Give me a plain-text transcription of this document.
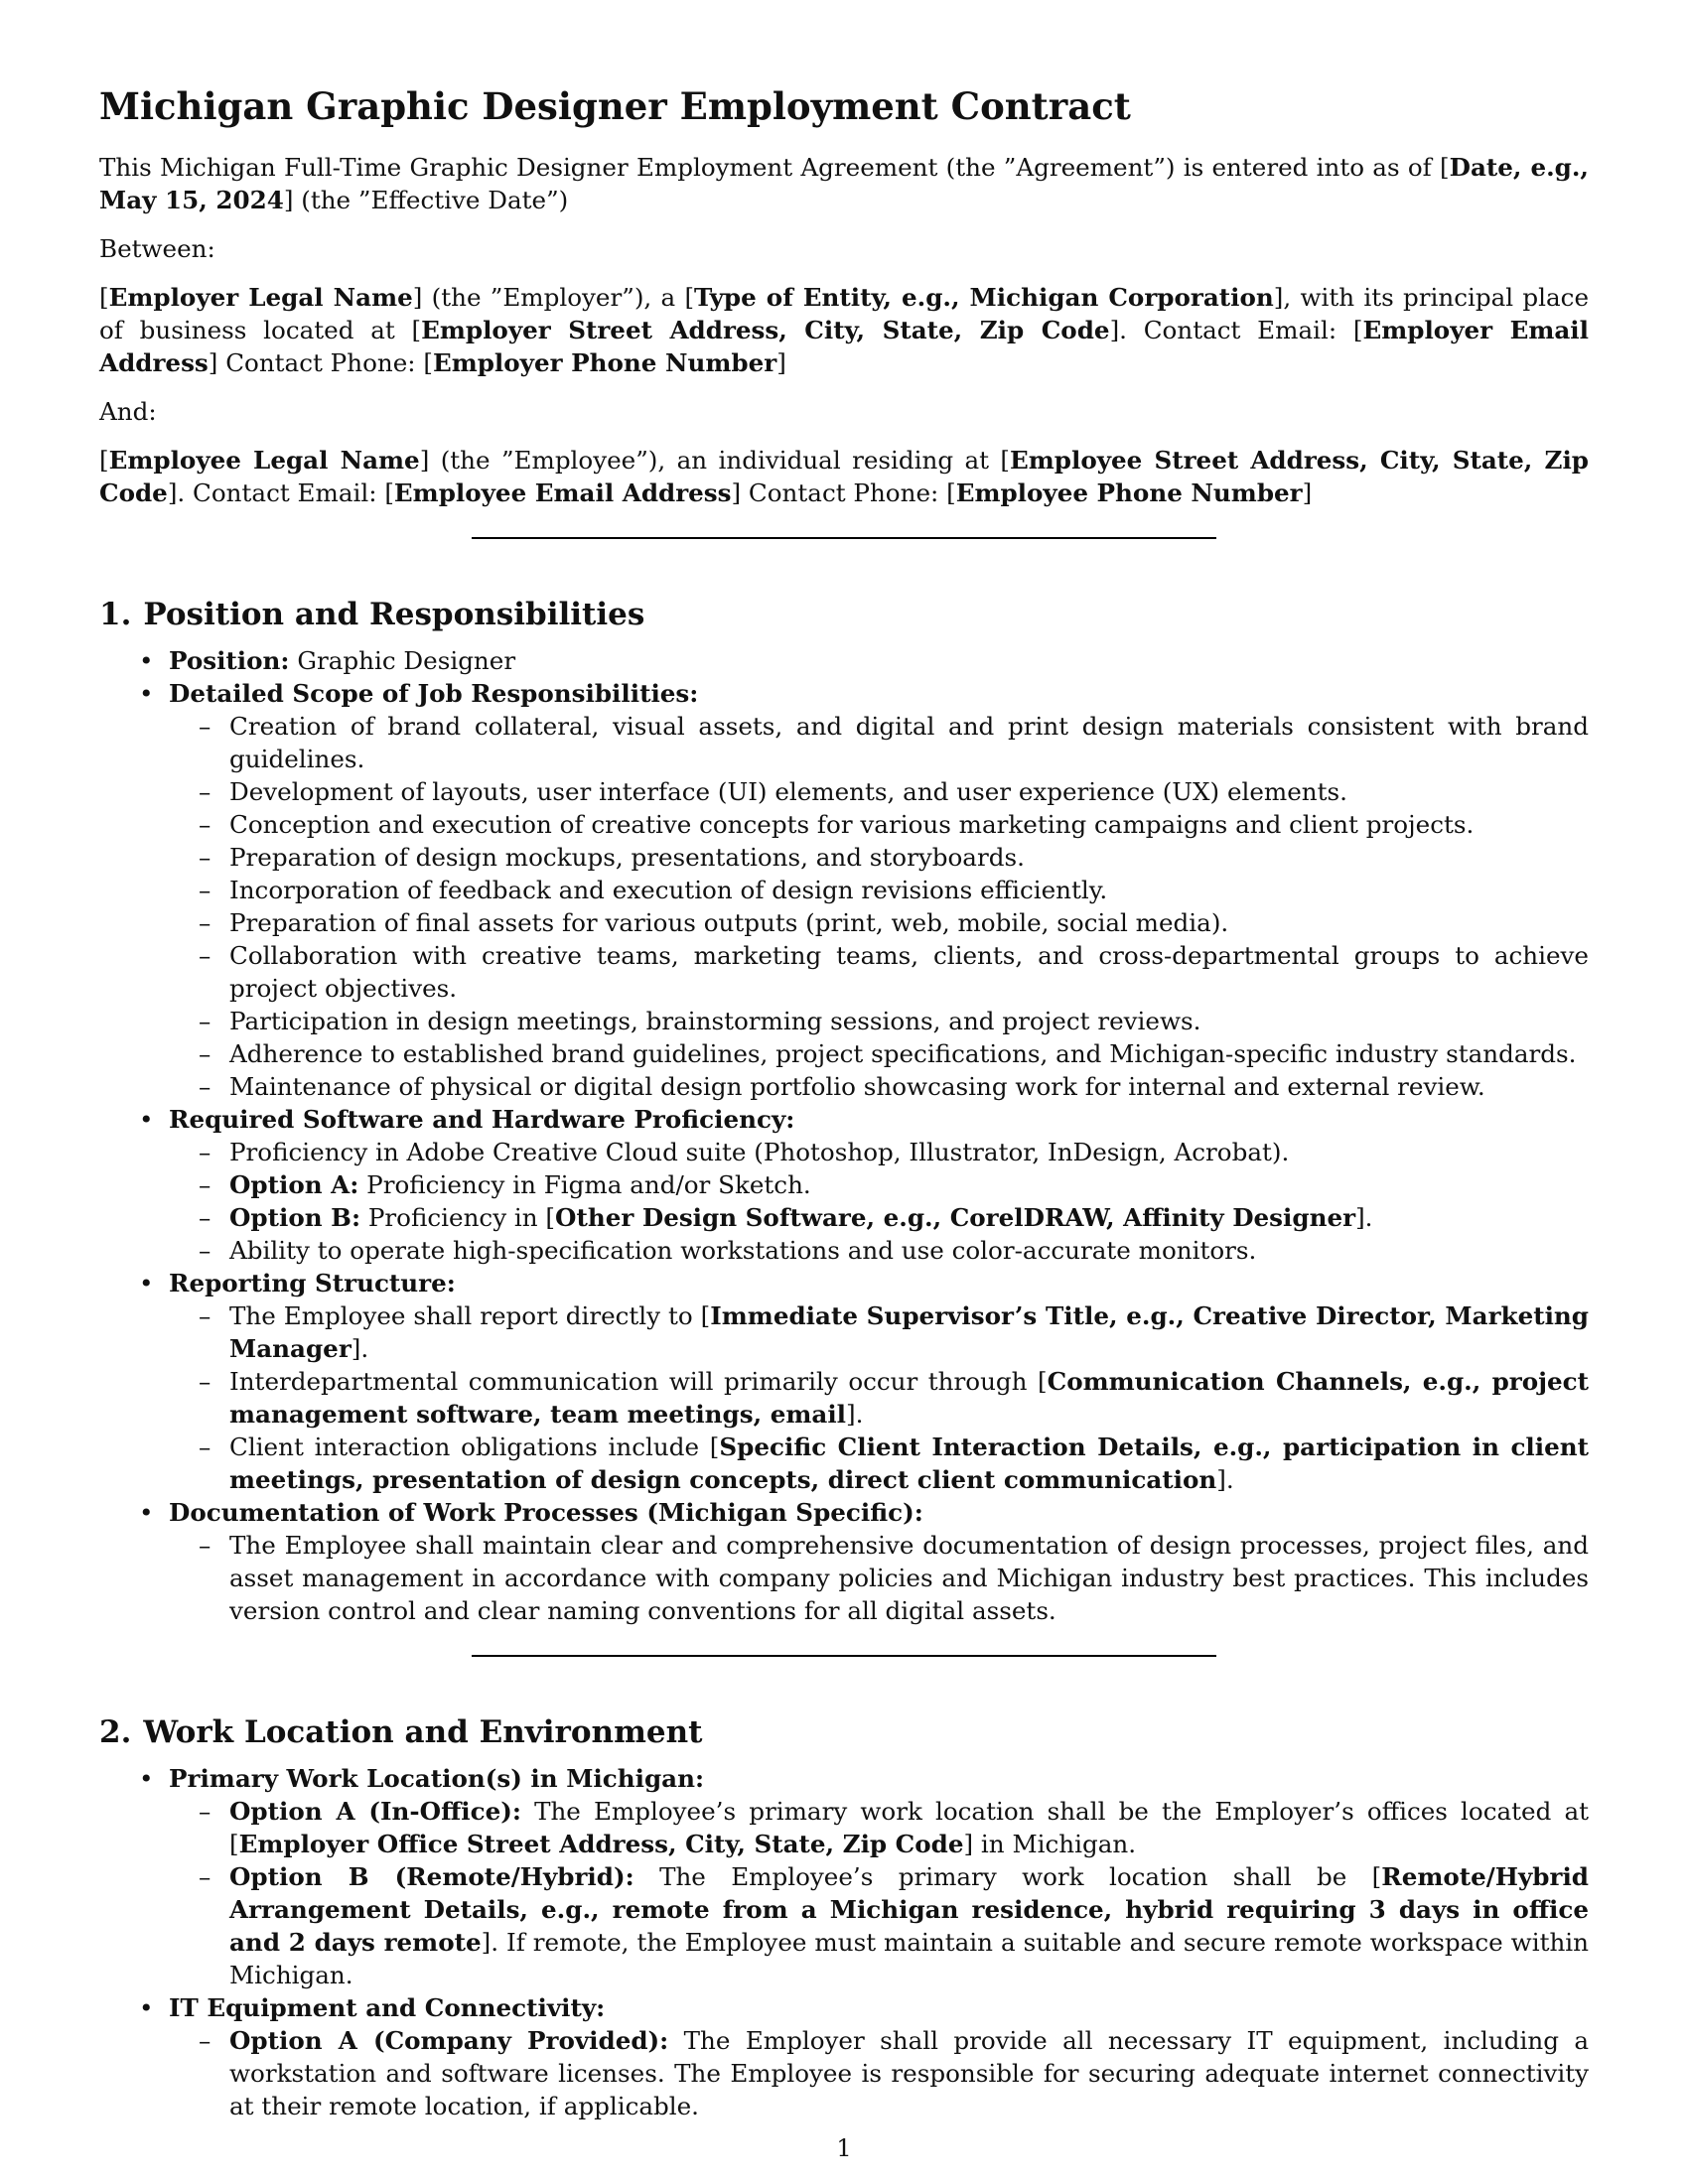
Michigan Graphic Designer Employment Contract

This Michigan Full-Time Graphic Designer Employment Agreement (the ”Agreement”) is entered into as of [Date, e.g., May 15, 2024] (the ”Effective Date”)

Between:

[Employer Legal Name] (the ”Employer”), a [Type of Entity, e.g., Michigan Corporation], with its principal place of business located at [Employer Street Address, City, State, Zip Code]. Contact Email: [Employer Email Address] Contact Phone: [Employer Phone Number]

And:

[Employee Legal Name] (the ”Employee”), an individual residing at [Employee Street Address, City, State, Zip Code]. Contact Email: [Employee Email Address] Contact Phone: [Employee Phone Number]

1. Position and Responsibilities
• Position: Graphic Designer
• Detailed Scope of Job Responsibilities:
– Creation of brand collateral, visual assets, and digital and print design materials consistent with brand guidelines.
– Development of layouts, user interface (UI) elements, and user experience (UX) elements.
– Conception and execution of creative concepts for various marketing campaigns and client projects.
– Preparation of design mockups, presentations, and storyboards.
– Incorporation of feedback and execution of design revisions efficiently.
– Preparation of final assets for various outputs (print, web, mobile, social media).
– Collaboration with creative teams, marketing teams, clients, and cross-departmental groups to achieve project objectives.
– Participation in design meetings, brainstorming sessions, and project reviews.
– Adherence to established brand guidelines, project specifications, and Michigan-specific industry standards.
– Maintenance of physical or digital design portfolio showcasing work for internal and external review.
• Required Software and Hardware Proficiency:
– Proficiency in Adobe Creative Cloud suite (Photoshop, Illustrator, InDesign, Acrobat).
– Option A: Proficiency in Figma and/or Sketch.
– Option B: Proficiency in [Other Design Software, e.g., CorelDRAW, Affinity Designer].
– Ability to operate high-specification workstations and use color-accurate monitors.
• Reporting Structure:
– The Employee shall report directly to [Immediate Supervisor’s Title, e.g., Creative Director, Marketing Manager].
– Interdepartmental communication will primarily occur through [Communication Channels, e.g., project management software, team meetings, email].
– Client interaction obligations include [Specific Client Interaction Details, e.g., participation in client meetings, presentation of design concepts, direct client communication].
• Documentation of Work Processes (Michigan Specific):
– The Employee shall maintain clear and comprehensive documentation of design processes, project files, and asset management in accordance with company policies and Michigan industry best practices. This includes version control and clear naming conventions for all digital assets.
2. Work Location and Environment
• Primary Work Location(s) in Michigan:
– Option A (In-Office): The Employee’s primary work location shall be the Employer’s offices located at [Employer Office Street Address, City, State, Zip Code] in Michigan.
– Option B (Remote/Hybrid): The Employee’s primary work location shall be [Remote/Hybrid Arrangement Details, e.g., remote from a Michigan residence, hybrid requiring 3 days in office and 2 days remote]. If remote, the Employee must maintain a suitable and secure remote workspace within Michigan.
• IT Equipment and Connectivity:
– Option A (Company Provided): The Employer shall provide all necessary IT equipment, including a workstation and software licenses. The Employee is responsible for securing adequate internet connectivity at their remote location, if applicable.
1
